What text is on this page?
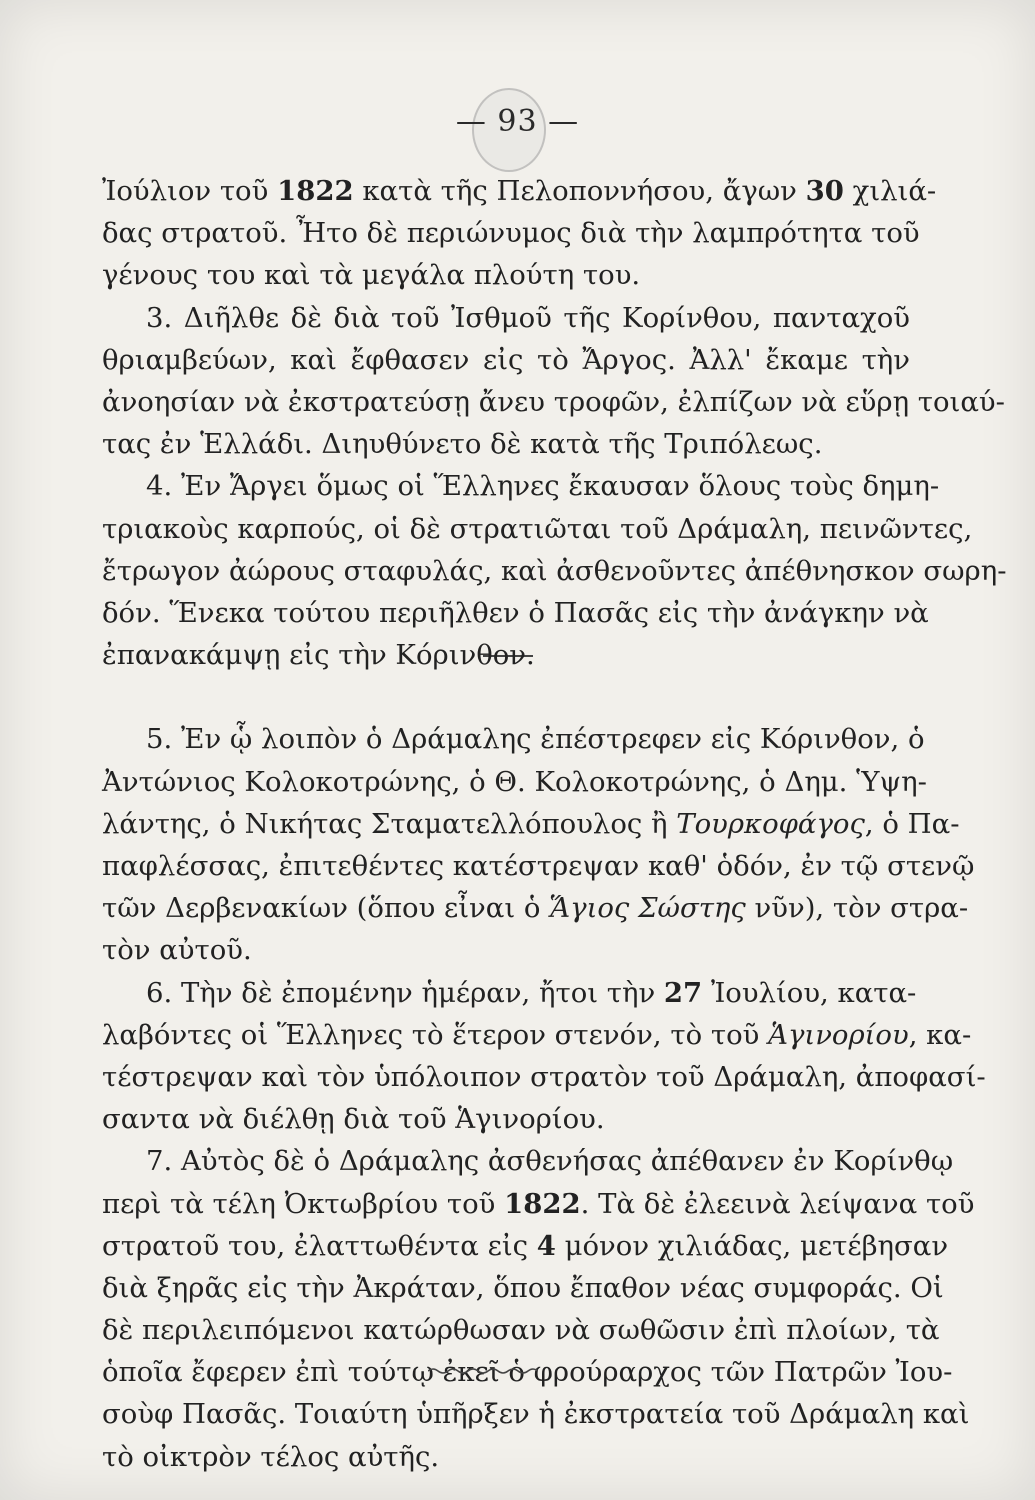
— 93 —
Ἰούλιον τοῦ 1822 κατὰ τῆς Πελοποννήσου, ἄγων 30 χιλιά-
δας στρατοῦ. Ἦτο δὲ περιώνυμος διὰ τὴν λαμπρότητα τοῦ
γένους του καὶ τὰ μεγάλα πλούτη του.
3. Διῆλθε δὲ διὰ τοῦ Ἰσθμοῦ τῆς Κορίνθου, πανταχοῦ
θριαμβεύων, καὶ ἔφθασεν εἰς τὸ Ἄργος. Ἀλλ' ἔκαμε τὴν
ἀνοησίαν νὰ ἐκστρατεύσῃ ἄνευ τροφῶν, ἐλπίζων νὰ εὕρῃ τοιαύ-
τας ἐν Ἑλλάδι. Διηυθύνετο δὲ κατὰ τῆς Τριπόλεως.
4. Ἐν Ἄργει ὅμως οἱ Ἕλληνες ἔκαυσαν ὅλους τοὺς δημη-
τριακοὺς καρπούς, οἱ δὲ στρατιῶται τοῦ Δράμαλη, πεινῶντες,
ἔτρωγον ἀώρους σταφυλάς, καὶ ἀσθενοῦντες ἀπέθνησκον σωρη-
δόν. Ἕνεκα τούτου περιῆλθεν ὁ Πασᾶς εἰς τὴν ἀνάγκην νὰ
ἐπανακάμψῃ εἰς τὴν Κόρινθον.

5. Ἐν ᾧ λοιπὸν ὁ Δράμαλης ἐπέστρεφεν εἰς Κόρινθον, ὁ
Ἀντώνιος Κολοκοτρώνης, ὁ Θ. Κολοκοτρώνης, ὁ Δημ. Ὑψη-
λάντης, ὁ Νικήτας Σταματελλόπουλος ἢ Τουρκοφάγος, ὁ Πα-
παφλέσσας, ἐπιτεθέντες κατέστρεψαν καθ' ὁδόν, ἐν τῷ στενῷ
τῶν Δερβενακίων (ὅπου εἶναι ὁ Ἅγιος Σώστης νῦν), τὸν στρα-
τὸν αὐτοῦ.
6. Τὴν δὲ ἐπομένην ἡμέραν, ἤτοι τὴν 27 Ἰουλίου, κατα-
λαβόντες οἱ Ἕλληνες τὸ ἕτερον στενόν, τὸ τοῦ Ἁγινορίου, κα-
τέστρεψαν καὶ τὸν ὑπόλοιπον στρατὸν τοῦ Δράμαλη, ἀποφασί-
σαντα νὰ διέλθῃ διὰ τοῦ Ἁγινορίου.
7. Αὐτὸς δὲ ὁ Δράμαλης ἀσθενήσας ἀπέθανεν ἐν Κορίνθῳ
περὶ τὰ τέλη Ὀκτωβρίου τοῦ 1822. Τὰ δὲ ἐλεεινὰ λείψανα τοῦ
στρατοῦ του, ἐλαττωθέντα εἰς 4 μόνον χιλιάδας, μετέβησαν
διὰ ξηρᾶς εἰς τὴν Ἀκράταν, ὅπου ἔπαθον νέας συμφοράς. Οἱ
δὲ περιλειπόμενοι κατώρθωσαν νὰ σωθῶσιν ἐπὶ πλοίων, τὰ
ὁποῖα ἔφερεν ἐπὶ τούτῳ ἐκεῖ ὁ φρούραρχος τῶν Πατρῶν Ἰου-
σοὺφ Πασᾶς. Τοιαύτη ὑπῆρξεν ἡ ἐκστρατεία τοῦ Δράμαλη καὶ
τὸ οἰκτρὸν τέλος αὐτῆς.
